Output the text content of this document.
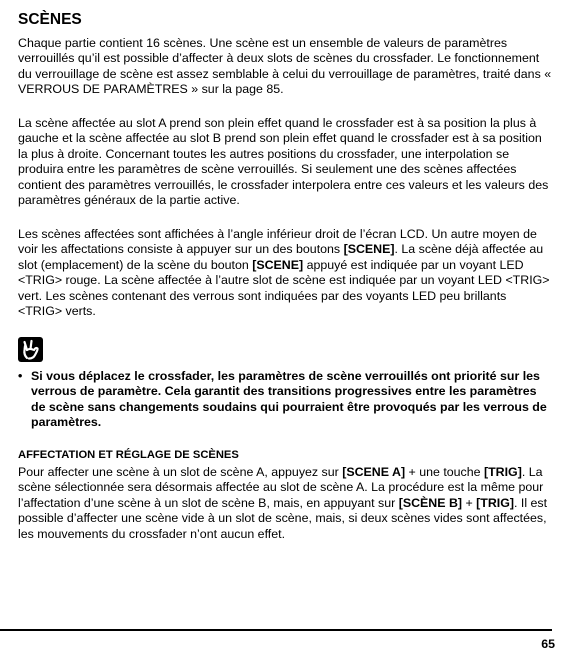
SCÈNES

Chaque partie contient 16 scènes. Une scène est un ensemble de valeurs de paramètres verrouillés qu’il est possible d’affecter à deux slots de scènes du crossfader. Le fonctionnement du verrouillage de scène est assez semblable à celui du verrouillage de paramètres, traité dans « VERROUS DE PARAMÈTRES » sur la page 85.

La scène affectée au slot A prend son plein effet quand le crossfader est à sa position la plus à gauche et la scène affectée au slot B prend son plein effet quand le crossfader est à sa position la plus à droite. Concernant toutes les autres positions du crossfader, une interpolation se produira entre les paramètres de scène verrouillés. Si seulement une des scènes affectées contient des paramètres verrouillés, le crossfader interpolera entre ces valeurs et les valeurs des paramètres généraux de la partie active.

Les scènes affectées sont affichées à l’angle inférieur droit de l’écran LCD. Un autre moyen de voir les affectations consiste à appuyer sur un des boutons [SCENE]. La scène déjà affectée au slot (emplacement) de la scène du bouton [SCENE] appuyé est indiquée par un voyant LED <TRIG> rouge. La scène affectée à l’autre slot de scène est indiquée par un voyant LED <TRIG> vert. Les scènes contenant des verrous sont indiquées par des voyants LED peu brillants <TRIG> verts.

• Si vous déplacez le crossfader, les paramètres de scène verrouillés ont priorité sur les verrous de paramètre. Cela garantit des transitions progressives entre les paramètres de scène sans changements soudains qui pourraient être provoqués par les verrous de paramètres.
AFFECTATION ET RÉGLAGE DE SCÈNES

Pour affecter une scène à un slot de scène A, appuyez sur [SCENE A] + une touche [TRIG]. La scène sélectionnée sera désormais affectée au slot de scène A. La procédure est la même pour l’affectation d’une scène à un slot de scène B, mais, en appuyant sur [SCÈNE B] + [TRIG]. Il est possible d’affecter une scène vide à un slot de scène, mais, si deux scènes vides sont affectées, les mouvements du crossfader n’ont aucun effet.

65
